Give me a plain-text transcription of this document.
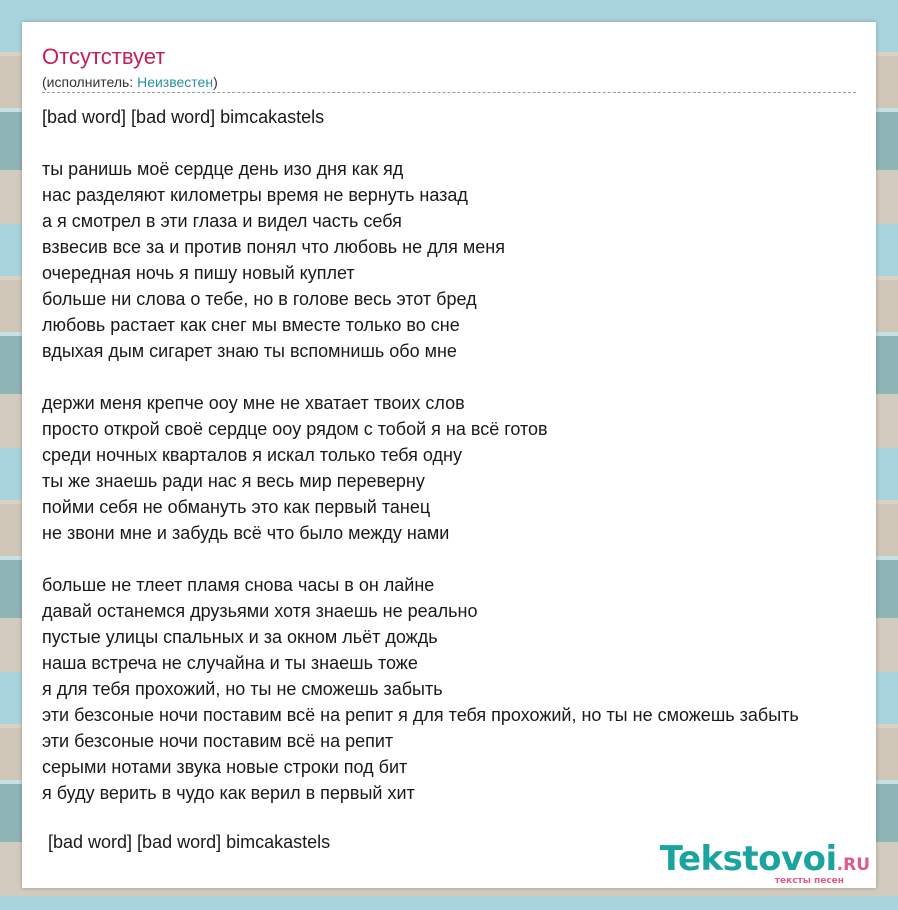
Отсутствует
(исполнитель: Неизвестен)
[bad word] [bad word] bimcakastels
ты ранишь моё сердце день изо дня как яд
нас разделяют километры время не вернуть назад
а я смотрел в эти глаза и видел часть себя
взвесив все за и против понял что любовь не для меня
очередная ночь я пишу новый куплет
больше ни слова о тебе, но в голове весь этот бред
любовь растает как снег мы вместе только во сне
вдыхая дым сигарет знаю ты вспомнишь обо мне
держи меня крепче оoу мне не хватает твоих слов
просто открой своё сердце оoу рядом с тобой я на всё готов
среди ночных кварталов я искал только тебя одну
ты же знаешь ради нас я весь мир переверну
пойми себя не обмануть это как первый танец
не звони мне и забудь всё что было между нами
больше не тлеет пламя снова часы в он лайне
давай останемся друзьями хотя знаешь не реально
пустые улицы спальных и за окном льёт дождь
наша встреча не случайна и ты знаешь тоже
я для тебя прохожий, но ты не сможешь забыть
эти безсоные ночи поставим всё на репит я для тебя прохожий, но ты не сможешь забыть
эти безсоные ночи поставим всё на репит
серыми нотами звука новые строки под бит
я буду верить в чудо как верил в первый хит
[bad word] [bad word] bimcakastels	Tekstovoi.RU
тексты песен
